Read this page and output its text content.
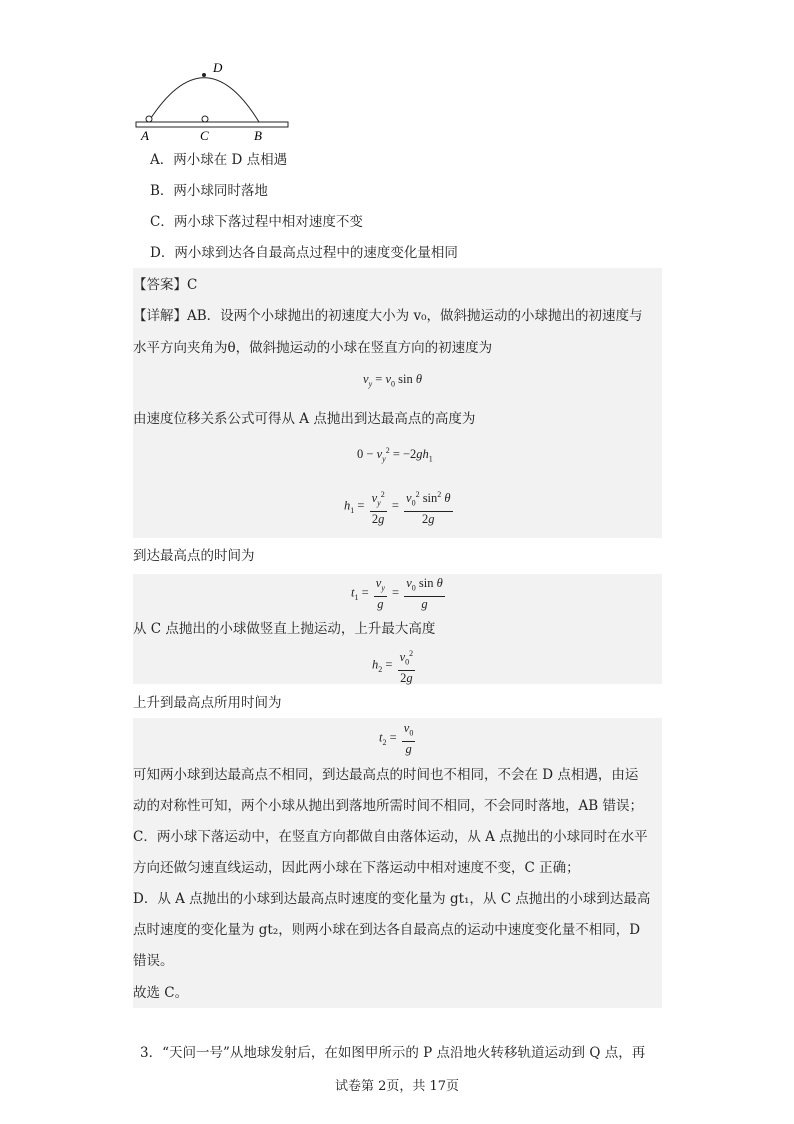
A	C	B
D
A．两小球在 D 点相遇
B．两小球同时落地
C．两小球下落过程中相对速度不变
D．两小球到达各自最高点过程中的速度变化量相同
【答案】C
【详解】AB．设两个小球抛出的初速度大小为 v₀，做斜抛运动的小球抛出的初速度与
水平方向夹角为θ，做斜抛运动的小球在竖直方向的初速度为
$v_y = v_0$ sin θ
由速度位移关系公式可得从 A 点抛出到达最高点的高度为
$0 - v_y^2 = -2gh_1$
$h_1 = \frac{v_y^2}{2g} = \frac{v_0^2 \sin^2 \theta}{2g}$
到达最高点的时间为
$t_1 = \frac{v_y}{g} = \frac{v_0 \sin \theta}{g}$
从 C 点抛出的小球做竖直上抛运动，上升最大高度
$h_2 = \frac{v_0^2}{2g}$
上升到最高点所用时间为
$t_2 = \frac{v_0}{g}$
可知两小球到达最高点不相同，到达最高点的时间也不相同，不会在 D 点相遇，由运
动的对称性可知，两个小球从抛出到落地所需时间不相同，不会同时落地，AB 错误；
C．两小球下落运动中，在竖直方向都做自由落体运动，从 A 点抛出的小球同时在水平
方向还做匀速直线运动，因此两小球在下落运动中相对速度不变，C 正确；
D．从 A 点抛出的小球到达最高点时速度的变化量为 gt₁，从 C 点抛出的小球到达最高
点时速度的变化量为 gt₂，则两小球在到达各自最高点的运动中速度变化量不相同，D
错误。
故选 C。
3．“天问一号”从地球发射后，在如图甲所示的 P 点沿地火转移轨道运动到 Q 点，再
试卷第 2页，共 17页
